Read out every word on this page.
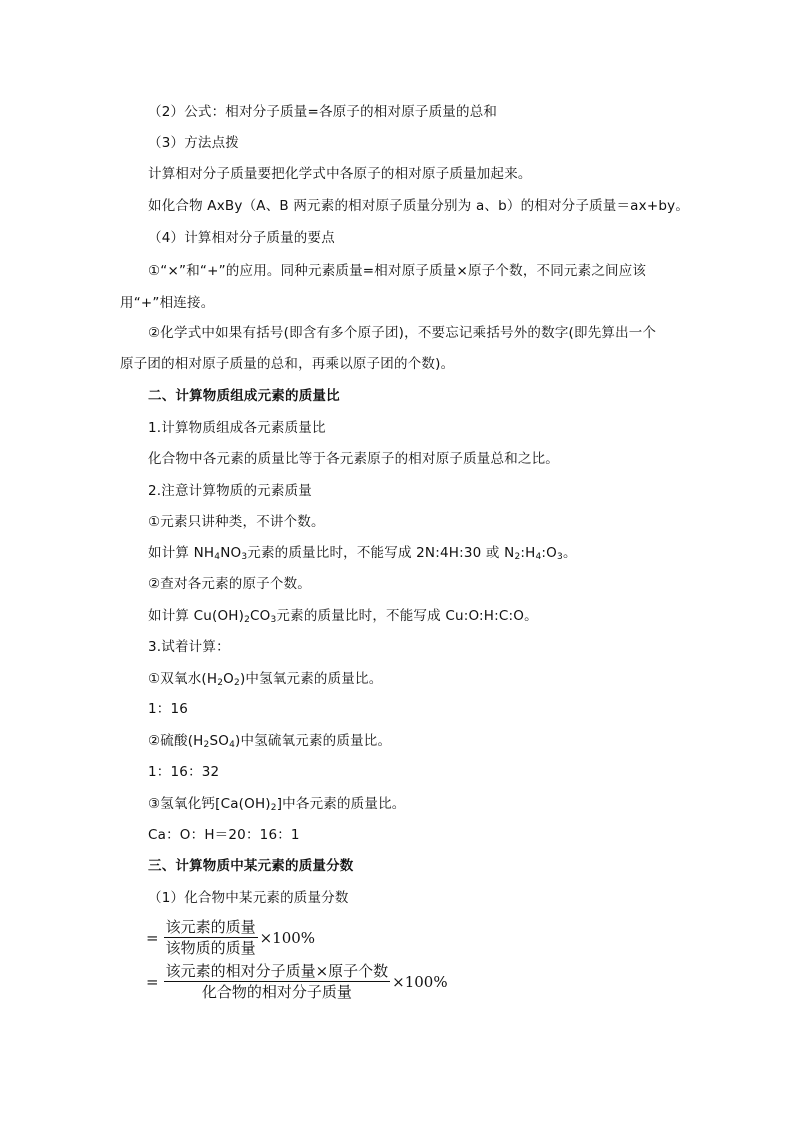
（2）公式：相对分子质量=各原子的相对原子质量的总和
（3）方法点拨
计算相对分子质量要把化学式中各原子的相对原子质量加起来。
如化合物 AxBy（A、B 两元素的相对原子质量分别为 a、b）的相对分子质量＝ax+by。
（4）计算相对分子质量的要点
①“×”和“+”的应用。同种元素质量=相对原子质量×原子个数，不同元素之间应该
用“+”相连接。
②化学式中如果有括号(即含有多个原子团)，不要忘记乘括号外的数字(即先算出一个
原子团的相对原子质量的总和，再乘以原子团的个数)。
二、计算物质组成元素的质量比
1.计算物质组成各元素质量比
化合物中各元素的质量比等于各元素原子的相对原子质量总和之比。
2.注意计算物质的元素质量
①元素只讲种类，不讲个数。
如计算 $NH_4NO_3$元素的质量比时，不能写成 2N:4H:30 或 $N_2:H_4:O_3$。
②查对各元素的原子个数。
如计算 $Cu(OH)_2CO_3$元素的质量比时，不能写成 Cu:O:H:C:O。
3.试着计算：
①双氧水$(H_2O_2)$中氢氧元素的质量比。
1：16
②硫酸$(H_2SO_4)$中氢硫氧元素的质量比。
1：16：32
③氢氧化钙$[Ca(OH)_2]$中各元素的质量比。
Ca：O：H＝20：16：1
三、计算物质中某元素的质量分数
（1）化合物中某元素的质量分数
= $\frac{\text{该元素的质量}}{\text{该物质的质量}} \times 100\%$
= $\frac{\text{该元素的相对分子质量×原子个数}}{\text{化合物的相对分子质量}} \times 100\%$
